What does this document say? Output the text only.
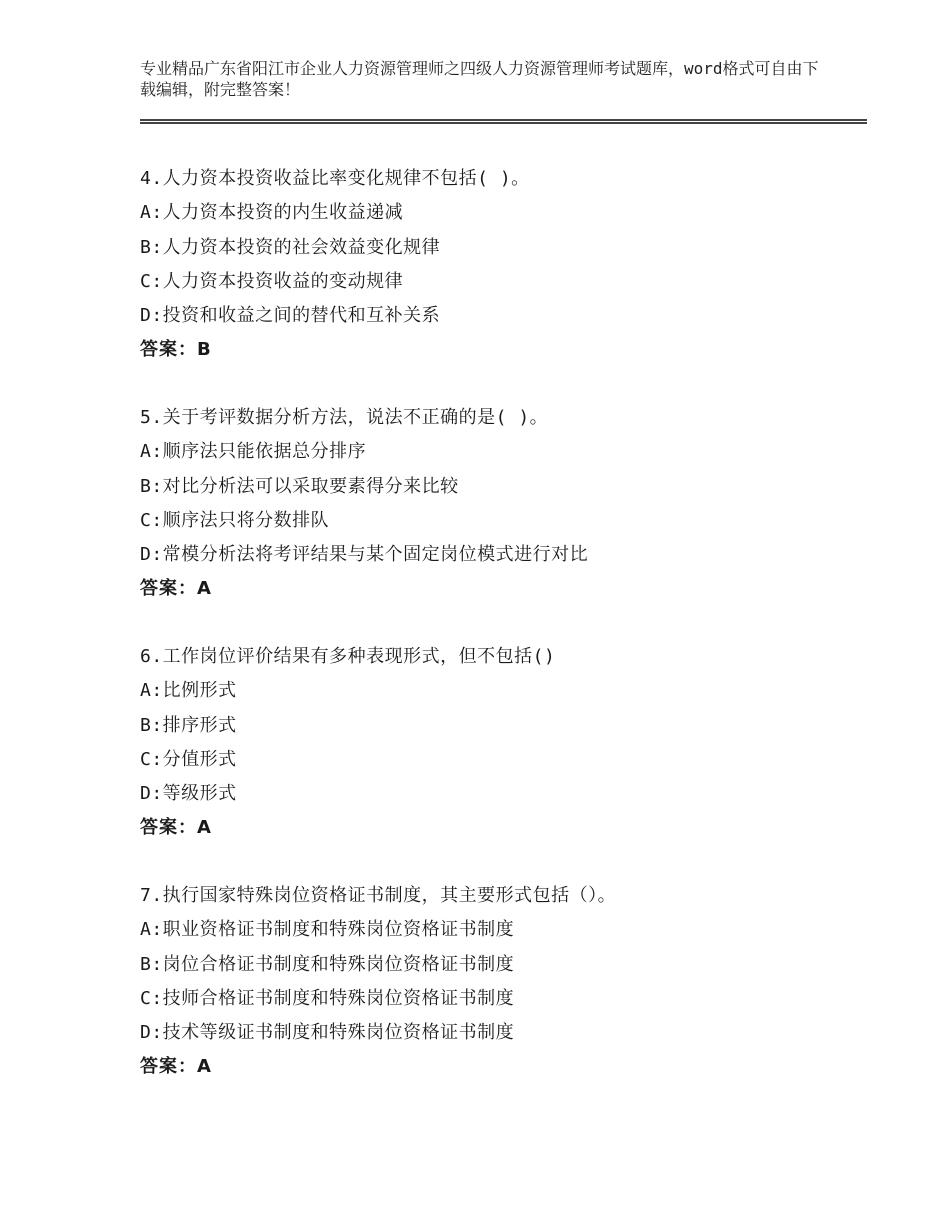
专业精品广东省阳江市企业人力资源管理师之四级人力资源管理师考试题库，word格式可自由下载编辑，附完整答案！
4.人力资本投资收益比率变化规律不包括( )。
A:人力资本投资的内生收益递减
B:人力资本投资的社会效益变化规律
C:人力资本投资收益的变动规律
D:投资和收益之间的替代和互补关系
答案：B
5.关于考评数据分析方法，说法不正确的是( )。
A:顺序法只能依据总分排序
B:对比分析法可以采取要素得分来比较
C:顺序法只将分数排队
D:常模分析法将考评结果与某个固定岗位模式进行对比
答案：A
6.工作岗位评价结果有多种表现形式，但不包括()
A:比例形式
B:排序形式
C:分值形式
D:等级形式
答案：A
7.执行国家特殊岗位资格证书制度，其主要形式包括（）。
A:职业资格证书制度和特殊岗位资格证书制度
B:岗位合格证书制度和特殊岗位资格证书制度
C:技师合格证书制度和特殊岗位资格证书制度
D:技术等级证书制度和特殊岗位资格证书制度
答案：A
